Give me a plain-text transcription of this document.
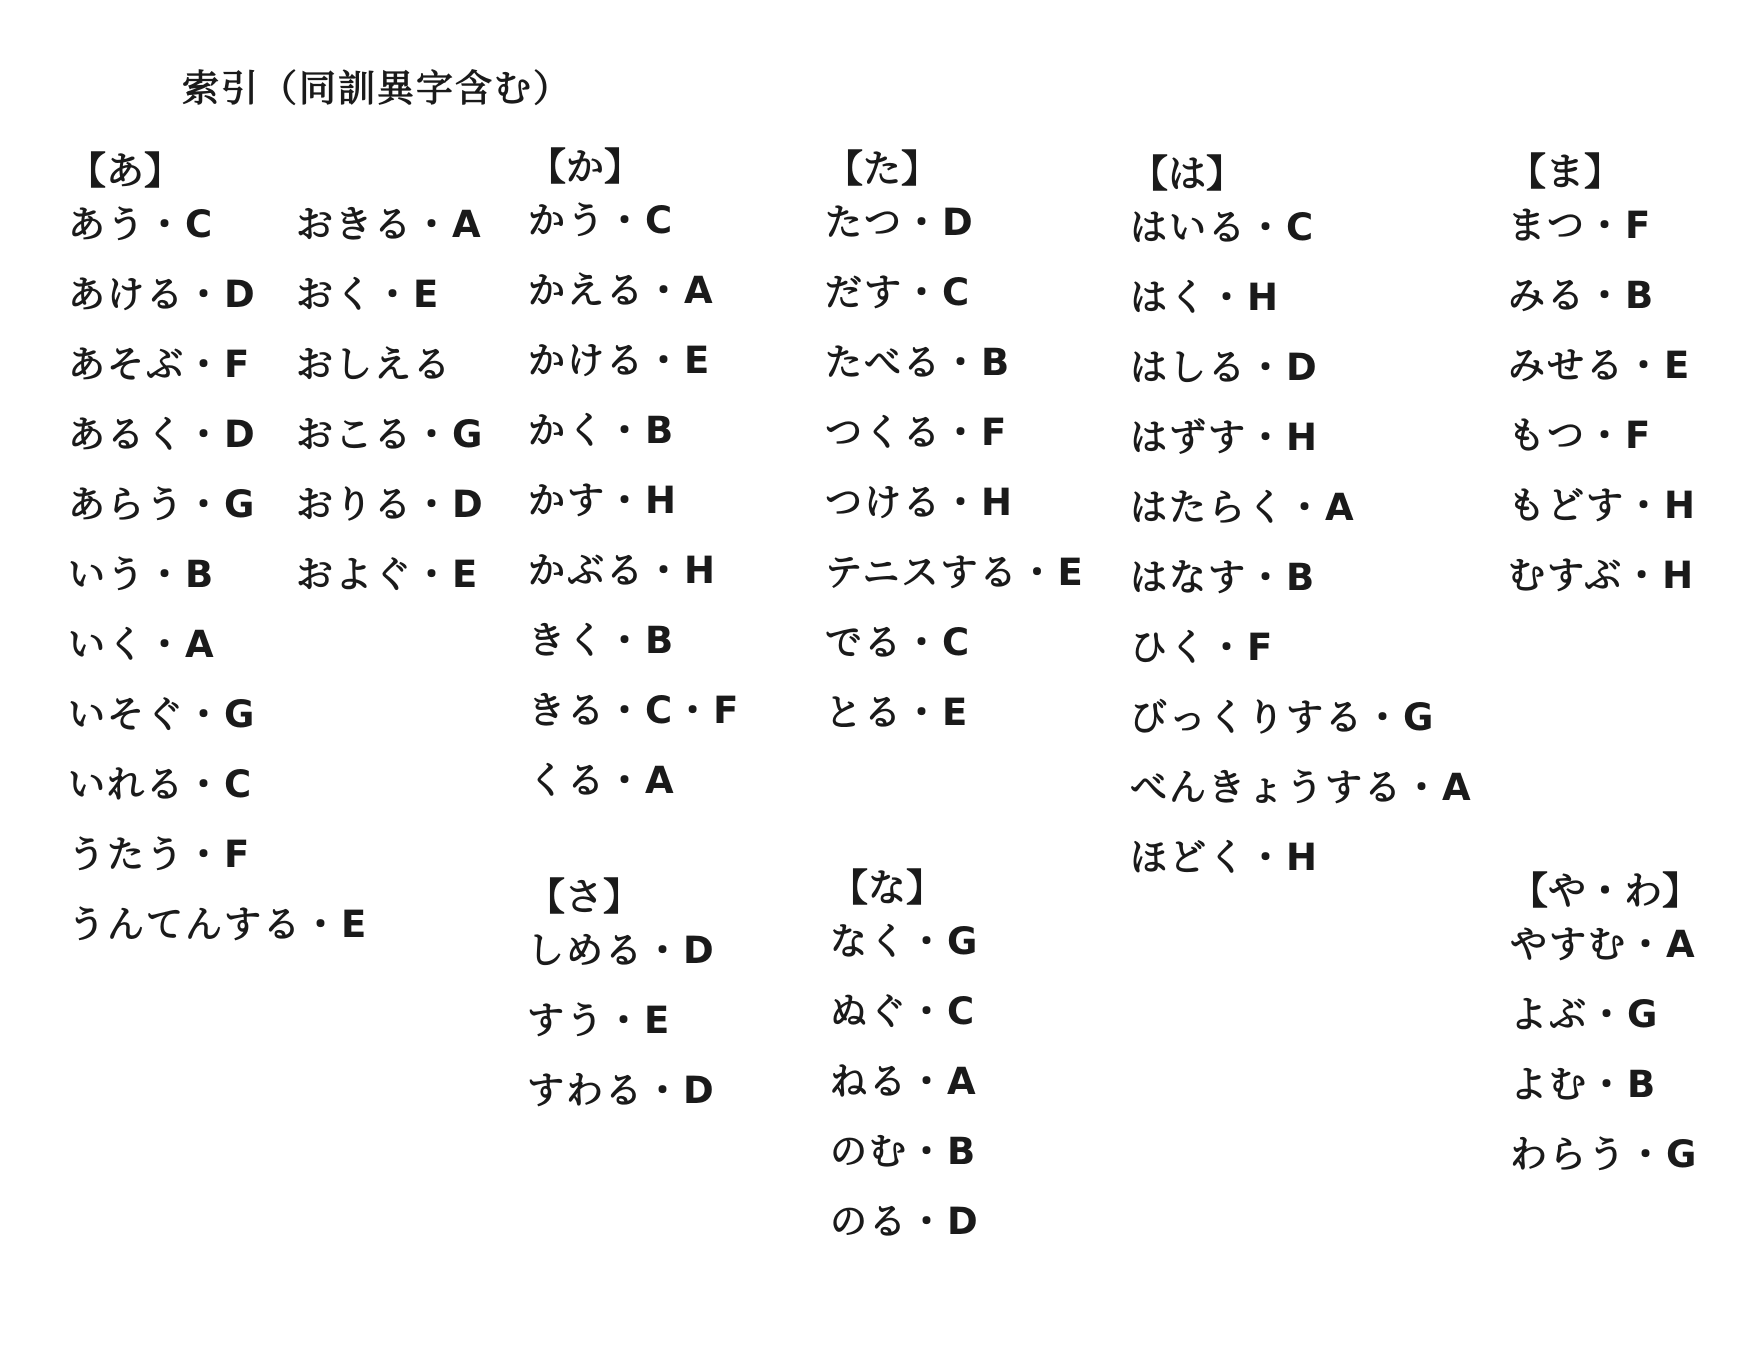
索引（同訓異字含む）
【あ】
あう・C
あける・D
あそぶ・F
あるく・D
あらう・G
いう・B
いく・A
いそぐ・G
いれる・C
うたう・F
うんてんする・E
おきる・A
おく・E
おしえる
おこる・G
おりる・D
およぐ・E
【か】
かう・C
かえる・A
かける・E
かく・B
かす・H
かぶる・H
きく・B
きる・C・F
くる・A
【さ】
しめる・D
すう・E
すわる・D
【た】
たつ・D
だす・C
たべる・B
つくる・F
つける・H
テニスする・E
でる・C
とる・E
【な】
なく・G
ぬぐ・C
ねる・A
のむ・B
のる・D
【は】
はいる・C
はく・H
はしる・D
はずす・H
はたらく・A
はなす・B
ひく・F
びっくりする・G
べんきょうする・A
ほどく・H
【ま】
まつ・F
みる・B
みせる・E
もつ・F
もどす・H
むすぶ・H
【や・わ】
やすむ・A
よぶ・G
よむ・B
わらう・G
